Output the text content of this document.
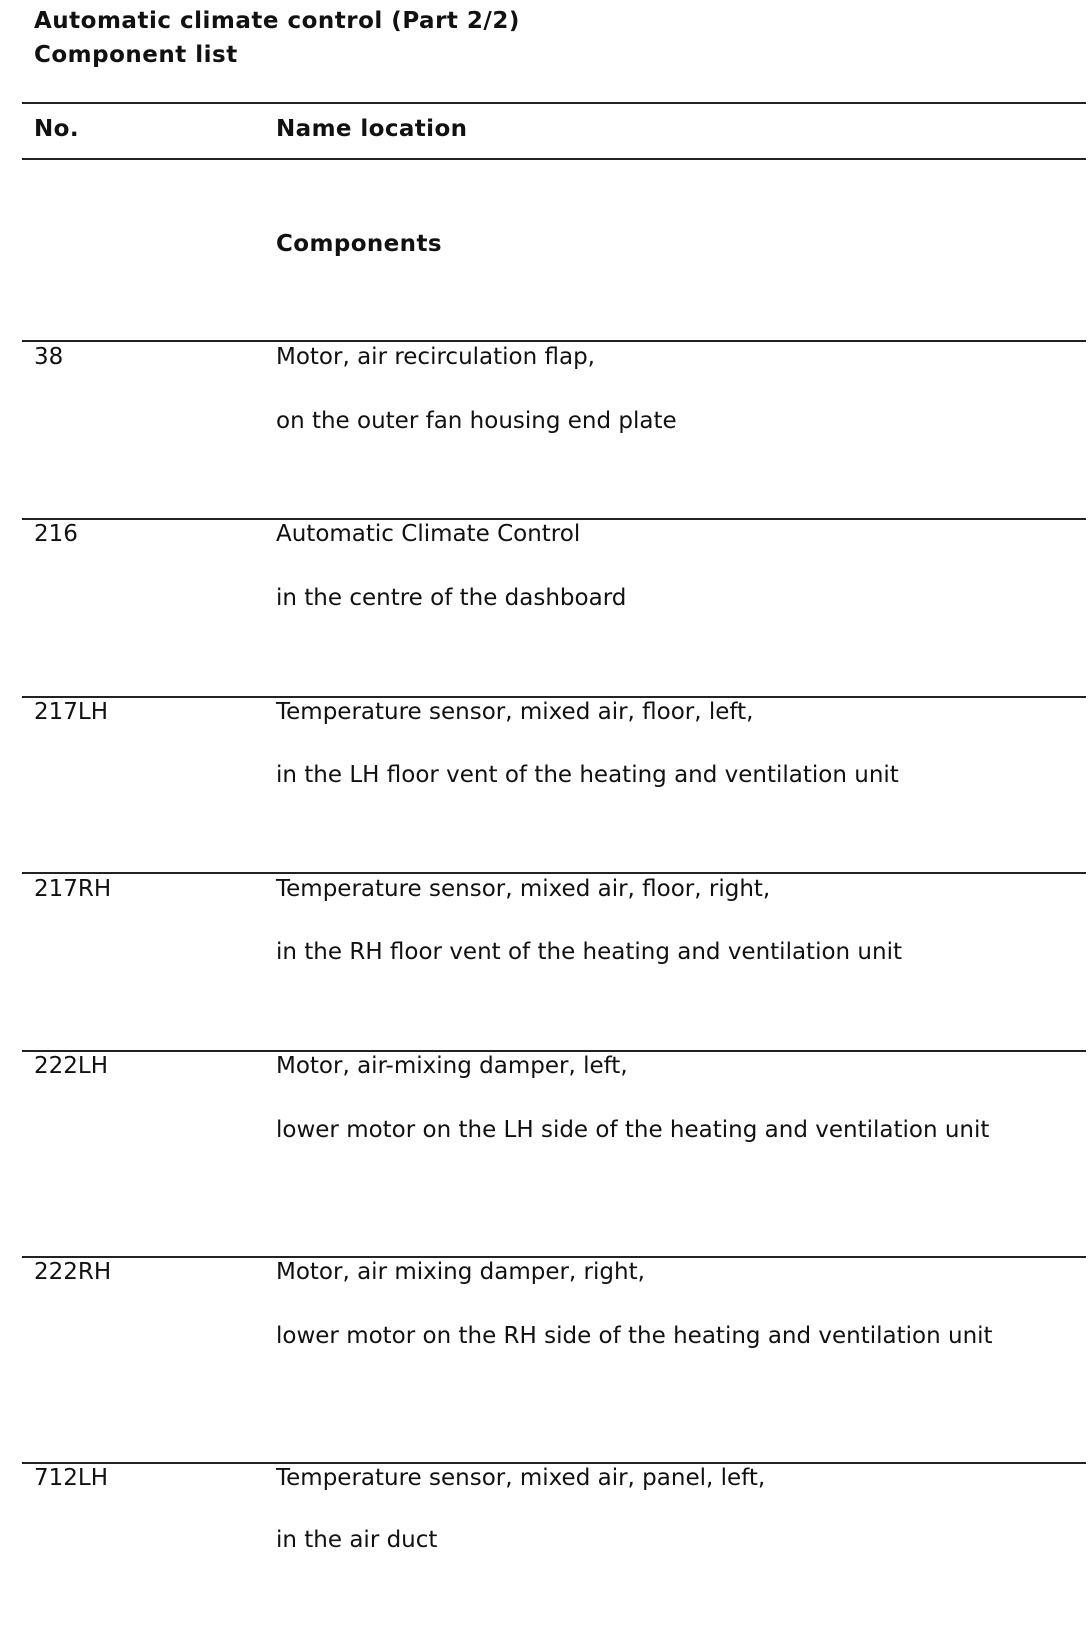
Automatic climate control (Part 2/2)
Component list
No.	Name location
Components
38	Motor, air recirculation flap,
on the outer fan housing end plate
216	Automatic Climate Control
in the centre of the dashboard
217LH	Temperature sensor, mixed air, floor, left,
in the LH floor vent of the heating and ventilation unit
217RH	Temperature sensor, mixed air, floor, right,
in the RH floor vent of the heating and ventilation unit
222LH	Motor, air-mixing damper, left,
lower motor on the LH side of the heating and ventilation unit
222RH	Motor, air mixing damper, right,
lower motor on the RH side of the heating and ventilation unit
712LH	Temperature sensor, mixed air, panel, left,
in the air duct
